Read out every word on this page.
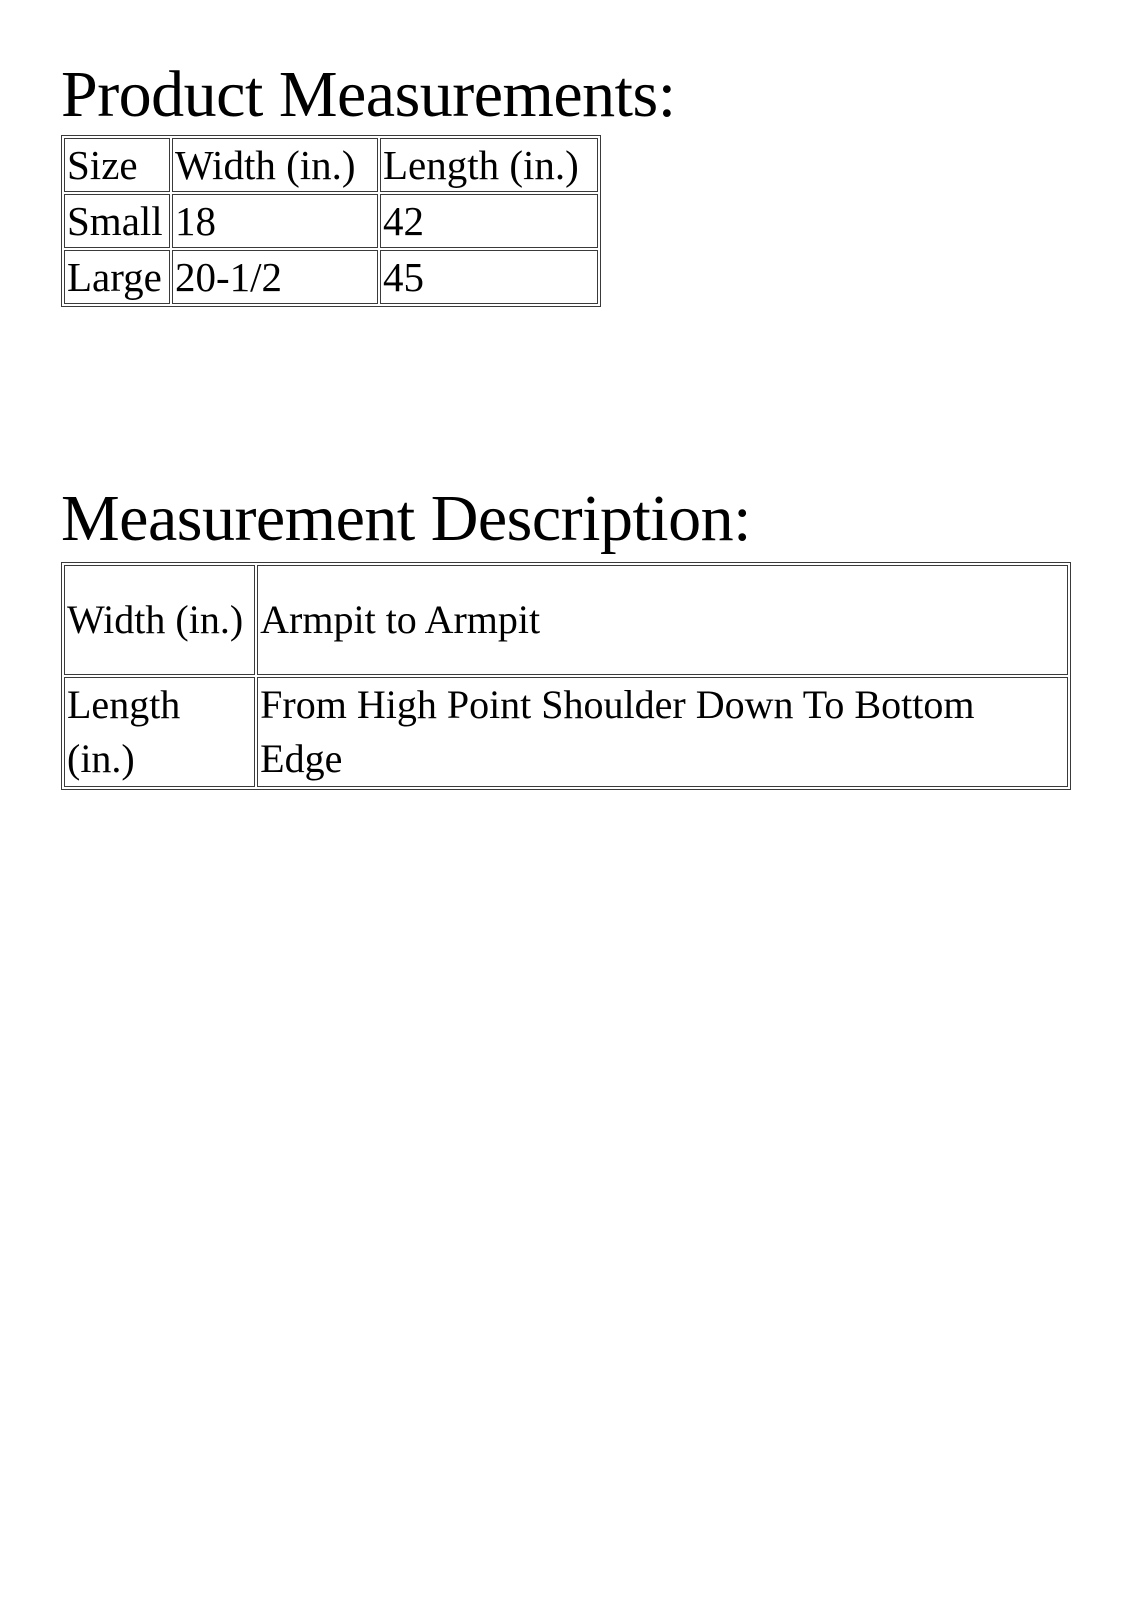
Product Measurements:
Size	Width (in.)	Length (in.)
Small	18	42
Large	20-1/2	45
Measurement Description:
Width (in.)	Armpit to Armpit
Length (in.)	From High Point Shoulder Down To Bottom Edge
